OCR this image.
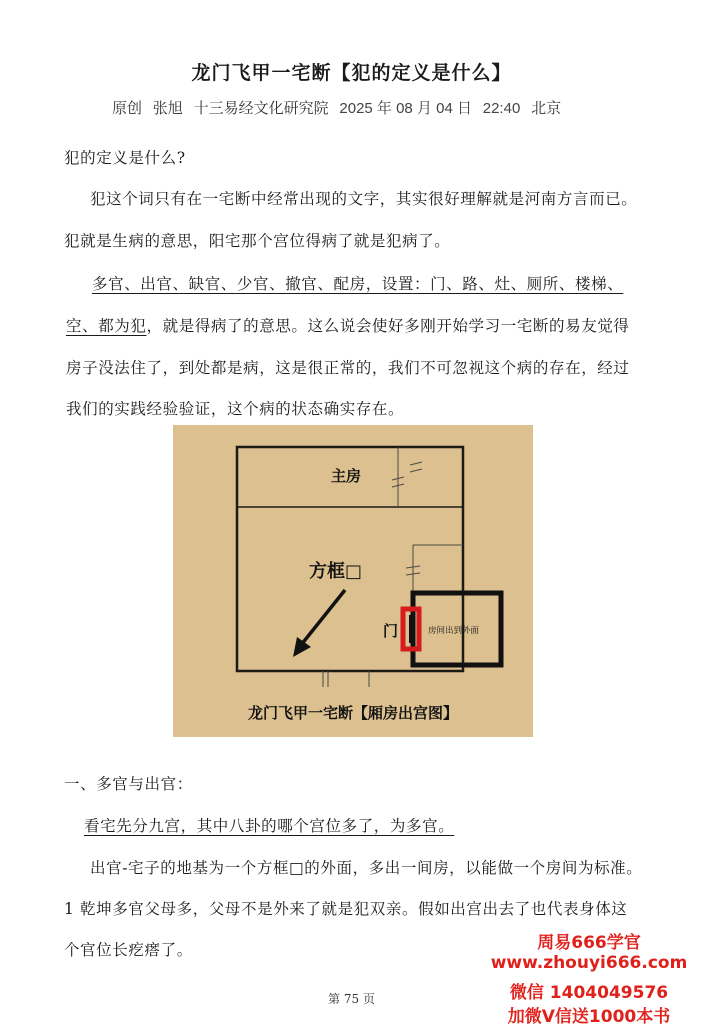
龙门飞甲一宅断【犯的定义是什么】
原创 张旭 十三易经文化研究院 2025 年 08 月 04 日 22:40 北京
犯的定义是什么?
犯这个词只有在一宅断中经常出现的文字，其实很好理解就是河南方言而已。
犯就是生病的意思，阳宅那个宫位得病了就是犯病了。
多官、出官、缺官、少官、撤官、配房，设置：门、路、灶、厕所、楼梯、
空、都为犯，就是得病了的意思。这么说会使好多刚开始学习一宅断的易友觉得
房子没法住了，到处都是病，这是很正常的，我们不可忽视这个病的存在，经过
我们的实践经验验证，这个病的状态确实存在。
主房
方框□
门	房间出到外面
龙门飞甲一宅断【厢房出宫图】
一、多官与出官：
看宅先分九宫，其中八卦的哪个宫位多了，为多官。
出官-宅子的地基为一个方框□的外面，多出一间房，以能做一个房间为标准。
1 乾坤多官父母多，父母不是外来了就是犯双亲。假如出宫出去了也代表身体这
个官位长疙瘩了。
第 75 页
周易666学官
www.zhouyi666.com
微信 1404049576
加微V信送1000本书
